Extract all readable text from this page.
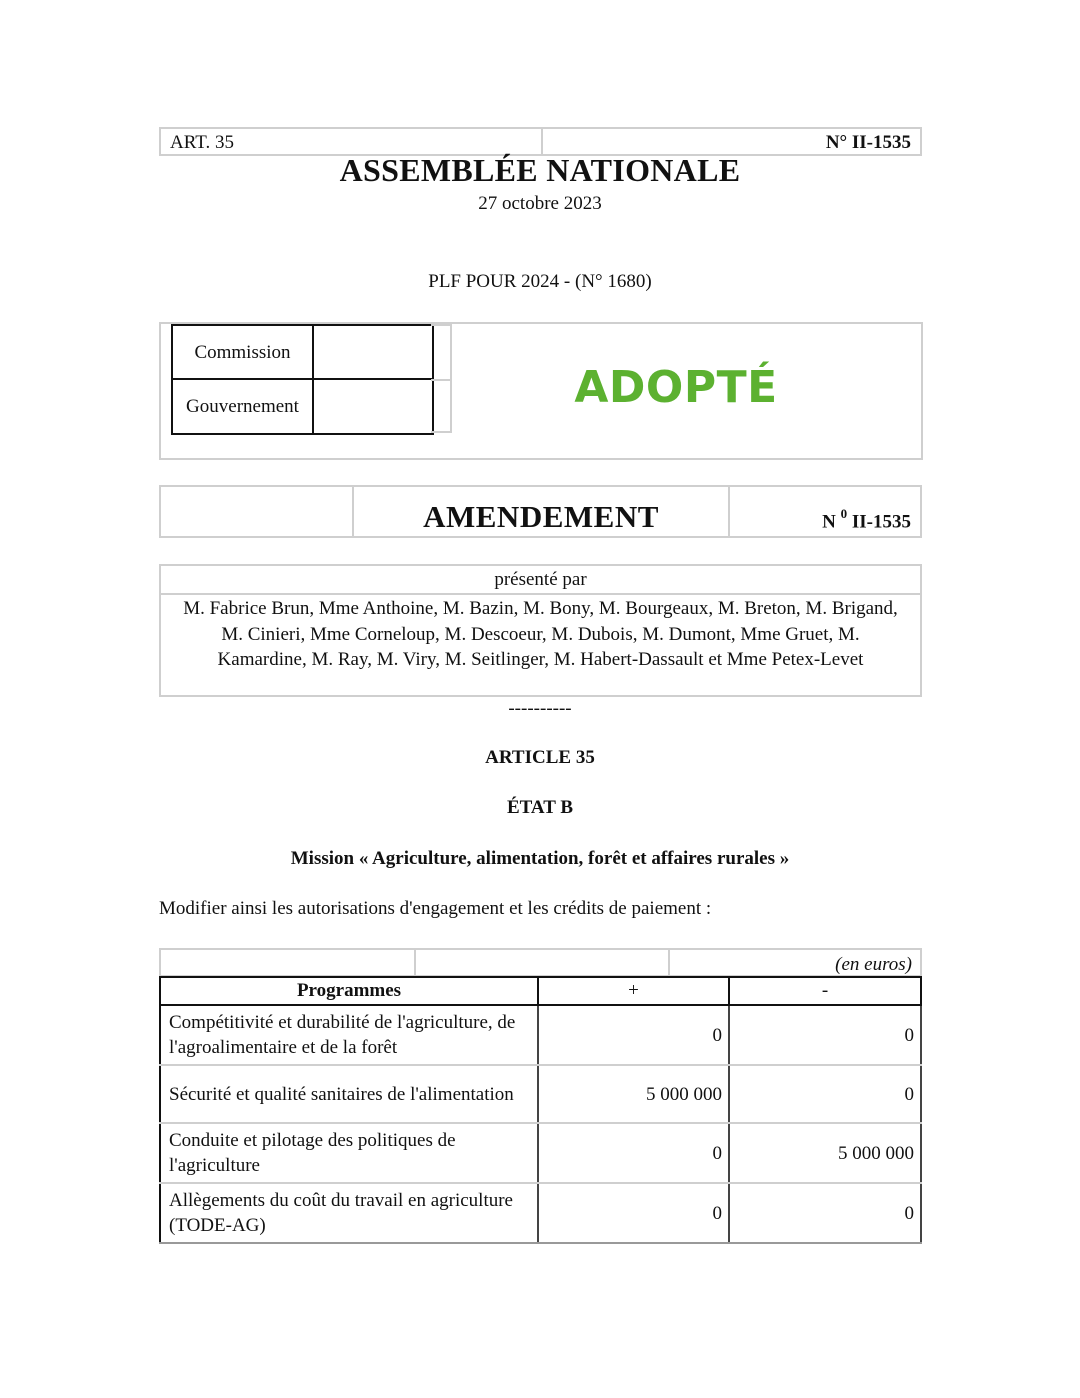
ART. 35	N° II-1535
ASSEMBLÉE NATIONALE
27 octobre 2023
PLF POUR 2024 - (N° 1680)
Commission	
Gouvernement		ADOPTÉ
AMENDEMENT	N $^0$ II-1535
présenté par
M. Fabrice Brun, Mme Anthoine, M. Bazin, M. Bony, M. Bourgeaux, M. Breton, M. Brigand, M. Cinieri, Mme Corneloup, M. Descoeur, M. Dubois, M. Dumont, Mme Gruet, M. Kamardine, M. Ray, M. Viry, M. Seitlinger, M. Habert-Dassault et Mme Petex-Levet
----------
ARTICLE 35
ÉTAT B
Mission « Agriculture, alimentation, forêt et affaires rurales »
Modifier ainsi les autorisations d'engagement et les crédits de paiement :
(en euros)
Programmes	+	-
Compétitivité et durabilité de l'agriculture, de l'agroalimentaire et de la forêt	0	0
Sécurité et qualité sanitaires de l'alimentation	5 000 000	0
Conduite et pilotage des politiques de l'agriculture	0	5 000 000
Allègements du coût du travail en agriculture (TODE-AG)	0	0
